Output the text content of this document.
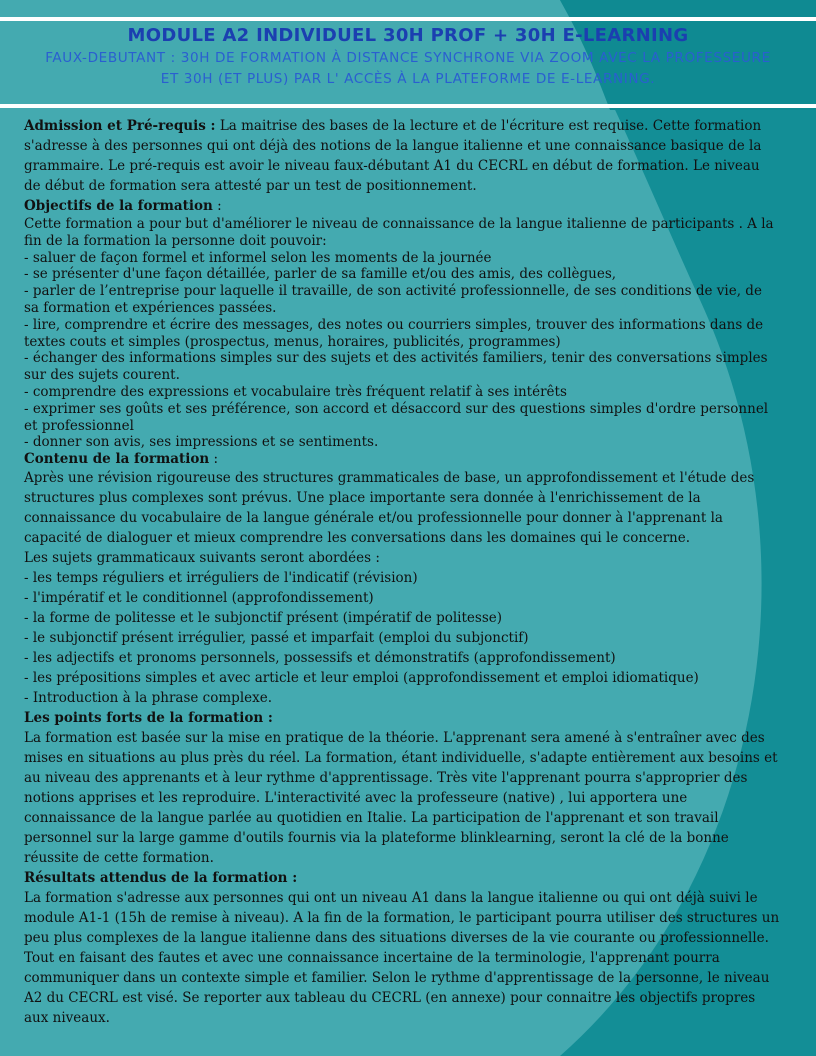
MODULE A2 INDIVIDUEL 30H PROF + 30H E-LEARNING

FAUX-DEBUTANT : 30H DE FORMATION À DISTANCE SYNCHRONE VIA ZOOM AVEC LA PROFESSEURE ET 30H (ET PLUS) PAR L' ACCÈS À LA PLATEFORME DE E-LEARNING.

Admission et Pré-requis : La maitrise des bases de la lecture et de l'écriture est requise. Cette formation s'adresse à des personnes qui ont déjà des notions de la langue italienne et une connaissance basique de la grammaire. Le pré-requis est avoir le niveau faux-débutant A1 du CECRL en début de formation. Le niveau de début de formation sera attesté par un test de positionnement.

Objectifs de la formation :

Cette formation a pour but d'améliorer le niveau de connaissance de la langue italienne de participants . A la fin de la formation la personne doit pouvoir:

- saluer de façon formel et informel selon les moments de la journée

- se présenter d'une façon détaillée, parler de sa famille et/ou des amis, des collègues,

- parler de l’entreprise pour laquelle il travaille, de son activité professionnelle, de ses conditions de vie, de sa formation et expériences passées.

- lire, comprendre et écrire des messages, des notes ou courriers simples, trouver des informations dans de textes couts et simples (prospectus, menus, horaires, publicités, programmes)

- échanger des informations simples sur des sujets et des activités familiers, tenir des conversations simples sur des sujets courent.

- comprendre des expressions et vocabulaire très fréquent relatif à ses intérêts

- exprimer ses goûts et ses préférence, son accord et désaccord sur des questions simples d'ordre personnel et professionnel

- donner son avis, ses impressions et se sentiments.

Contenu de la formation :

Après une révision rigoureuse des structures grammaticales de base, un approfondissement et l'étude des structures plus complexes sont prévus. Une place importante sera donnée à l'enrichissement de la connaissance du vocabulaire de la langue générale et/ou professionnelle pour donner à l'apprenant la capacité de dialoguer et mieux comprendre les conversations dans les domaines qui le concerne.

Les sujets grammaticaux suivants seront abordées :

- les temps réguliers et irréguliers de l'indicatif (révision)

- l'impératif et le conditionnel (approfondissement)

- la forme de politesse et le subjonctif présent (impératif de politesse)

- le subjonctif présent irrégulier, passé et imparfait (emploi du subjonctif)

- les adjectifs et pronoms personnels, possessifs et démonstratifs (approfondissement)

- les prépositions simples et avec article et leur emploi (approfondissement et emploi idiomatique)

- Introduction à la phrase complexe.

Les points forts de la formation :

La formation est basée sur la mise en pratique de la théorie. L'apprenant sera amené à s'entraîner avec des mises en situations au plus près du réel. La formation, étant individuelle, s'adapte entièrement aux besoins et au niveau des apprenants et à leur rythme d'apprentissage. Très vite l'apprenant pourra s'approprier des notions apprises et les reproduire. L'interactivité avec la professeure (native) , lui apportera une connaissance de la langue parlée au quotidien en Italie. La participation de l'apprenant et son travail personnel sur la large gamme d'outils fournis via la plateforme blinklearning, seront la clé de la bonne réussite de cette formation.

Résultats attendus de la formation :

La formation s'adresse aux personnes qui ont un niveau A1 dans la langue italienne ou qui ont déjà suivi le module A1-1 (15h de remise à niveau). A la fin de la formation, le participant pourra utiliser des structures un peu plus complexes de la langue italienne dans des situations diverses de la vie courante ou professionnelle. Tout en faisant des fautes et avec une connaissance incertaine de la terminologie, l'apprenant pourra communiquer dans un contexte simple et familier. Selon le rythme d'apprentissage de la personne, le niveau A2 du CECRL est visé. Se reporter aux tableau du CECRL (en annexe) pour connaitre les objectifs propres aux niveaux.
